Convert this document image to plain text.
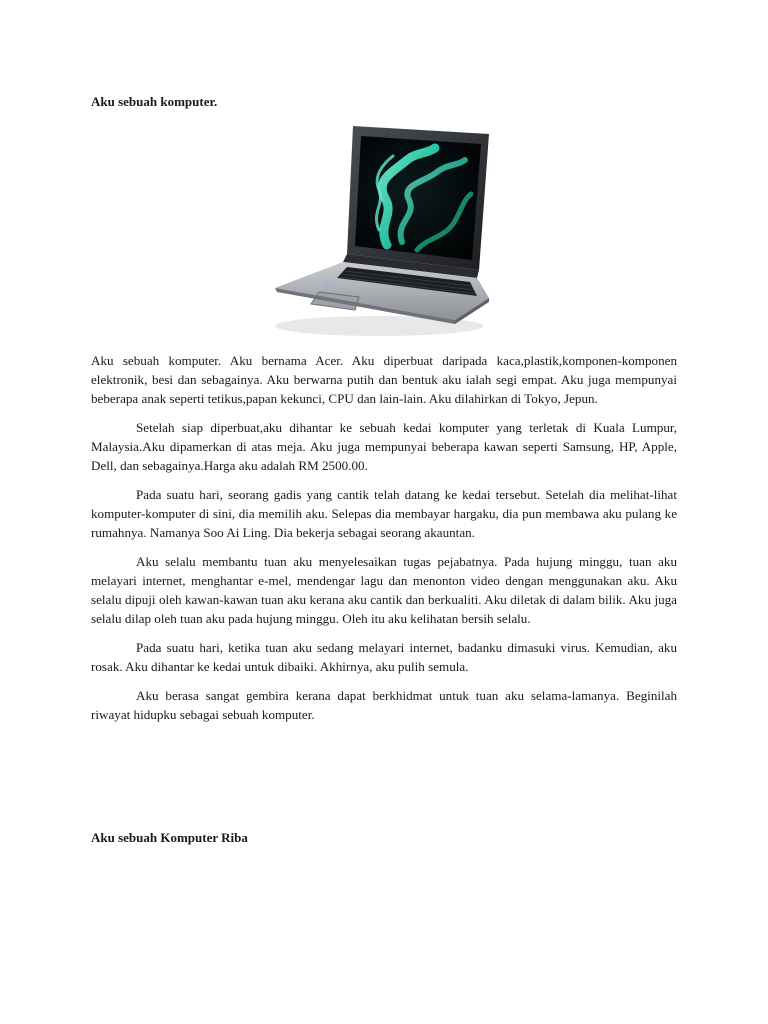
Aku sebuah komputer.

Aku sebuah komputer. Aku bernama Acer. Aku diperbuat daripada kaca,plastik,komponen-komponen elektronik, besi dan sebagainya. Aku berwarna putih dan bentuk aku ialah segi empat. Aku juga mempunyai beberapa anak seperti tetikus,papan kekunci, CPU dan lain-lain. Aku dilahirkan di Tokyo, Jepun.

Setelah siap diperbuat,aku dihantar ke sebuah kedai komputer yang terletak di Kuala Lumpur, Malaysia.Aku dipamerkan di atas meja. Aku juga mempunyai beberapa kawan seperti Samsung, HP, Apple, Dell, dan sebagainya.Harga aku adalah RM 2500.00.

Pada suatu hari, seorang gadis yang cantik telah datang ke kedai tersebut. Setelah dia melihat-lihat komputer-komputer di sini, dia memilih aku. Selepas dia membayar hargaku, dia pun membawa aku pulang ke rumahnya. Namanya Soo Ai Ling. Dia bekerja sebagai seorang akauntan.

Aku selalu membantu tuan aku menyelesaikan tugas pejabatnya. Pada hujung minggu, tuan aku melayari internet, menghantar e-mel, mendengar lagu dan menonton video dengan menggunakan aku. Aku selalu dipuji oleh kawan-kawan tuan aku kerana aku cantik dan berkualiti. Aku diletak di dalam bilik. Aku juga selalu dilap oleh tuan aku pada hujung minggu. Oleh itu aku kelihatan bersih selalu.

Pada suatu hari, ketika tuan aku sedang melayari internet, badanku dimasuki virus. Kemudian, aku rosak. Aku dihantar ke kedai untuk dibaiki. Akhirnya, aku pulih semula.

Aku berasa sangat gembira kerana dapat berkhidmat untuk tuan aku selama-lamanya. Beginilah riwayat hidupku sebagai sebuah komputer.

Aku sebuah Komputer Riba
